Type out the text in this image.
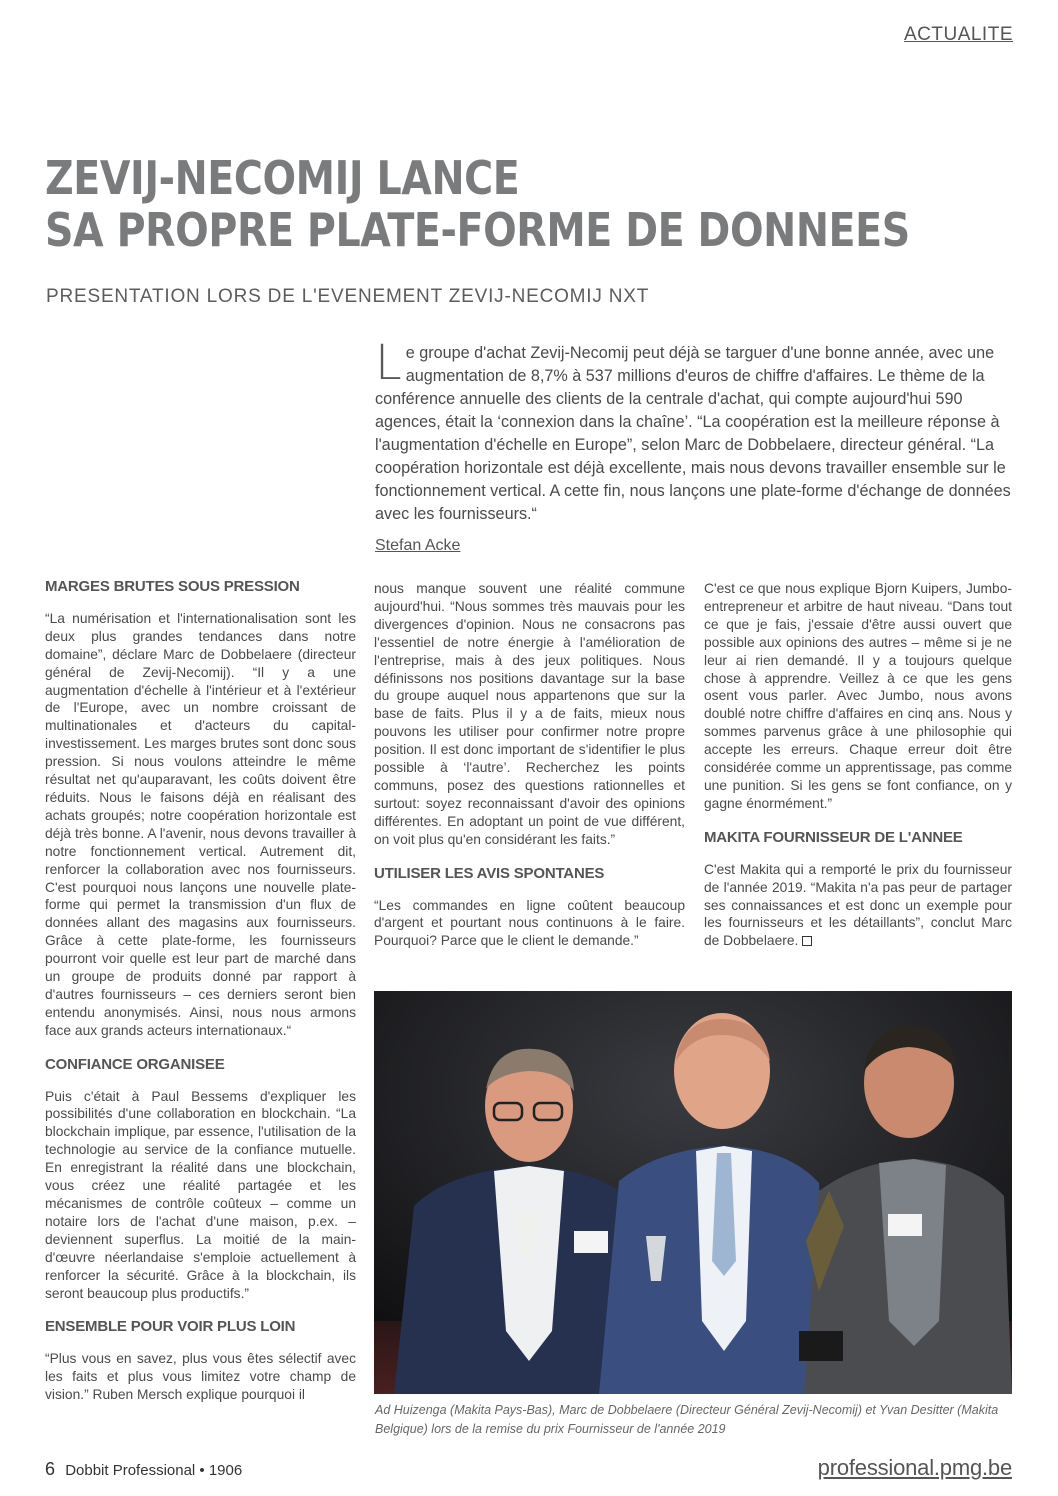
ACTUALITE
ZEVIJ-NECOMIJ LANCE
SA PROPRE PLATE-FORME DE DONNEES
PRESENTATION LORS DE L'EVENEMENT ZEVIJ-NECOMIJ NXT
Le groupe d'achat Zevij-Necomij peut déjà se targuer d'une bonne année, avec une augmentation de 8,7% à 537 millions d'euros de chiffre d'affaires. Le thème de la conférence annuelle des clients de la centrale d'achat, qui compte aujourd'hui 590 agences, était la ‘connexion dans la chaîne’. “La coopération est la meilleure réponse à l'augmentation d'échelle en Europe”, selon Marc de Dobbelaere, directeur général. “La coopération horizontale est déjà excellente, mais nous devons travailler ensemble sur le fonctionnement vertical. A cette fin, nous lançons une plate-forme d'échange de données avec les fournisseurs.“
Stefan Acke
MARGES BRUTES SOUS PRESSION

“La numérisation et l'internationalisation sont les deux plus grandes tendances dans notre domaine”, déclare Marc de Dobbelaere (directeur général de Zevij-Necomij). “Il y a une augmentation d'échelle à l'intérieur et à l'extérieur de l'Europe, avec un nombre croissant de multinationales et d'acteurs du capital-investissement. Les marges brutes sont donc sous pression. Si nous voulons atteindre le même résultat net qu'auparavant, les coûts doivent être réduits. Nous le faisons déjà en réalisant des achats groupés; notre coopération horizontale est déjà très bonne. A l'avenir, nous devons travailler à notre fonctionnement vertical. Autrement dit, renforcer la collaboration avec nos fournisseurs. C'est pourquoi nous lançons une nouvelle plate-forme qui permet la transmission d'un flux de données allant des magasins aux fournisseurs. Grâce à cette plate-forme, les fournisseurs pourront voir quelle est leur part de marché dans un groupe de produits donné par rapport à d'autres fournisseurs – ces derniers seront bien entendu anonymisés. Ainsi, nous nous armons face aux grands acteurs internationaux.“

CONFIANCE ORGANISEE

Puis c'était à Paul Bessems d'expliquer les possibilités d'une collaboration en blockchain. “La blockchain implique, par essence, l'utilisation de la technologie au service de la confiance mutuelle. En enregistrant la réalité dans une blockchain, vous créez une réalité partagée et les mécanismes de contrôle coûteux – comme un notaire lors de l'achat d'une maison, p.ex. – deviennent superflus. La moitié de la main-d'œuvre néerlandaise s'emploie actuellement à renforcer la sécurité. Grâce à la blockchain, ils seront beaucoup plus productifs.”

ENSEMBLE POUR VOIR PLUS LOIN

“Plus vous en savez, plus vous êtes sélectif avec les faits et plus vous limitez votre champ de vision.” Ruben Mersch explique pourquoi il

nous manque souvent une réalité commune aujourd'hui. “Nous sommes très mauvais pour les divergences d'opinion. Nous ne consacrons pas l'essentiel de notre énergie à l'amélioration de l'entreprise, mais à des jeux politiques. Nous définissons nos positions davantage sur la base du groupe auquel nous appartenons que sur la base de faits. Plus il y a de faits, mieux nous pouvons les utiliser pour confirmer notre propre position. Il est donc important de s'identifier le plus possible à ‘l'autre’. Recherchez les points communs, posez des questions rationnelles et surtout: soyez reconnaissant d'avoir des opinions différentes. En adoptant un point de vue différent, on voit plus qu'en considérant les faits.”

UTILISER LES AVIS SPONTANES

“Les commandes en ligne coûtent beaucoup d'argent et pourtant nous continuons à le faire. Pourquoi? Parce que le client le demande.”

C'est ce que nous explique Bjorn Kuipers, Jumbo-entrepreneur et arbitre de haut niveau. “Dans tout ce que je fais, j'essaie d'être aussi ouvert que possible aux opinions des autres – même si je ne leur ai rien demandé. Il y a toujours quelque chose à apprendre. Veillez à ce que les gens osent vous parler. Avec Jumbo, nous avons doublé notre chiffre d'affaires en cinq ans. Nous y sommes parvenus grâce à une philosophie qui accepte les erreurs. Chaque erreur doit être considérée comme un apprentissage, pas comme une punition. Si les gens se font confiance, on y gagne énormément.”

MAKITA FOURNISSEUR DE L'ANNEE

C'est Makita qui a remporté le prix du fournisseur de l'année 2019. “Makita n'a pas peur de partager ses connaissances et est donc un exemple pour les fournisseurs et les détaillants”, conclut Marc de Dobbelaere.

Ad Huizenga (Makita Pays-Bas), Marc de Dobbelaere (Directeur Général Zevij-Necomij) et Yvan Desitter (Makita Belgique) lors de la remise du prix Fournisseur de l'année 2019
6 Dobbit Professional • 1906	professional.pmg.be
